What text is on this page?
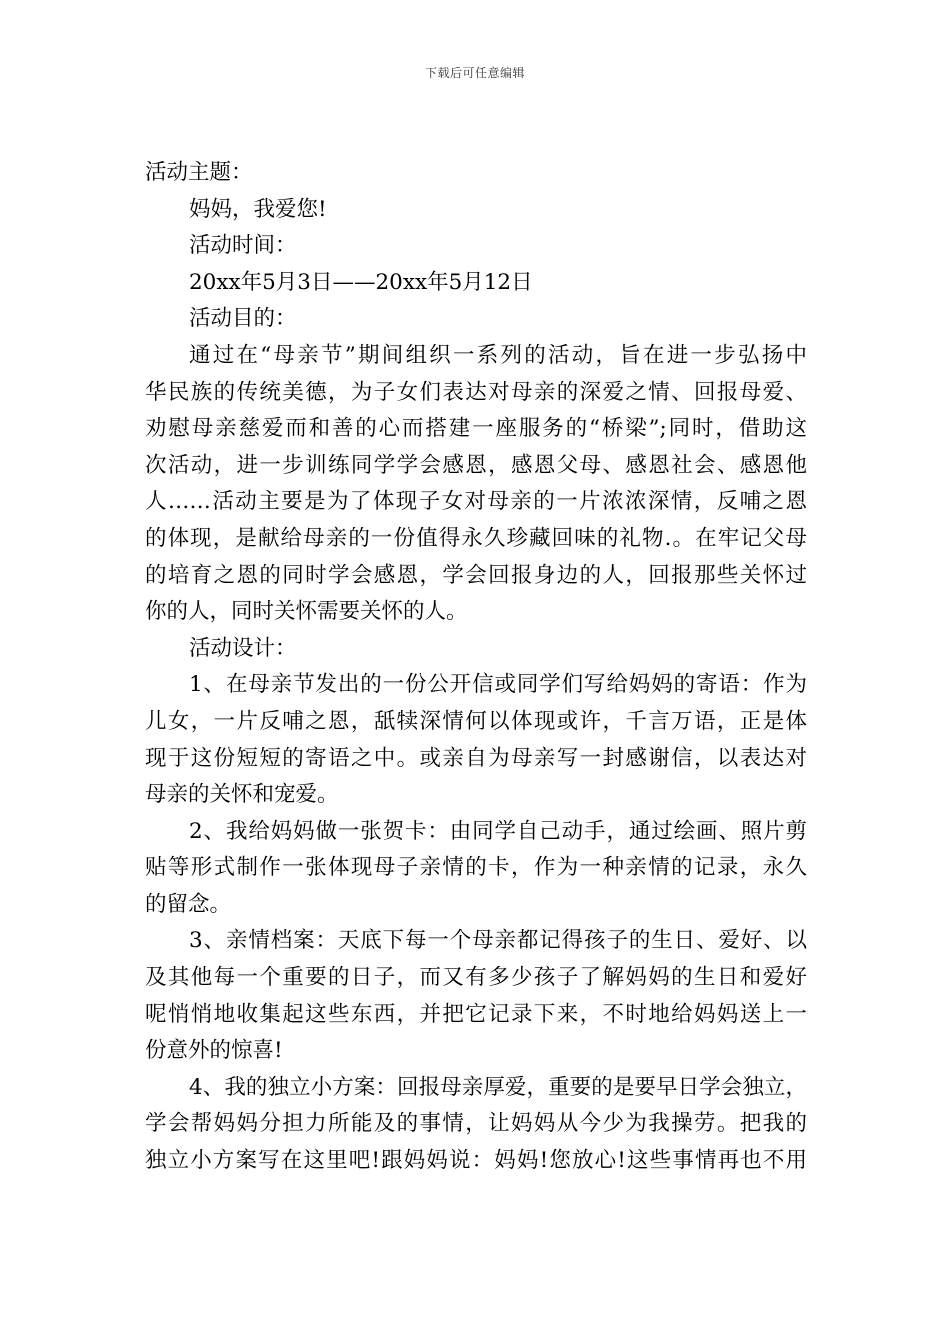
下载后可任意编辑
活动主题：
妈妈，我爱您!
活动时间：
20xx年5月3日——20xx年5月12日
活动目的：
通过在“母亲节”期间组织一系列的活动，旨在进一步弘扬中
华民族的传统美德，为子女们表达对母亲的深爱之情、回报母爱、
劝慰母亲慈爱而和善的心而搭建一座服务的“桥梁”;同时，借助这
次活动，进一步训练同学学会感恩，感恩父母、感恩社会、感恩他
人……活动主要是为了体现子女对母亲的一片浓浓深情，反哺之恩
的体现，是献给母亲的一份值得永久珍藏回味的礼物.。在牢记父母
的培育之恩的同时学会感恩，学会回报身边的人，回报那些关怀过
你的人，同时关怀需要关怀的人。
活动设计：
1、在母亲节发出的一份公开信或同学们写给妈妈的寄语：作为
儿女，一片反哺之恩，舐犊深情何以体现或许，千言万语，正是体
现于这份短短的寄语之中。或亲自为母亲写一封感谢信，以表达对
母亲的关怀和宠爱。
2、我给妈妈做一张贺卡：由同学自己动手，通过绘画、照片剪
贴等形式制作一张体现母子亲情的卡，作为一种亲情的记录，永久
的留念。
3、亲情档案：天底下每一个母亲都记得孩子的生日、爱好、以
及其他每一个重要的日子，而又有多少孩子了解妈妈的生日和爱好
呢悄悄地收集起这些东西，并把它记录下来，不时地给妈妈送上一
份意外的惊喜!
4、我的独立小方案：回报母亲厚爱，重要的是要早日学会独立，
学会帮妈妈分担力所能及的事情，让妈妈从今少为我操劳。把我的
独立小方案写在这里吧!跟妈妈说：妈妈!您放心!这些事情再也不用
